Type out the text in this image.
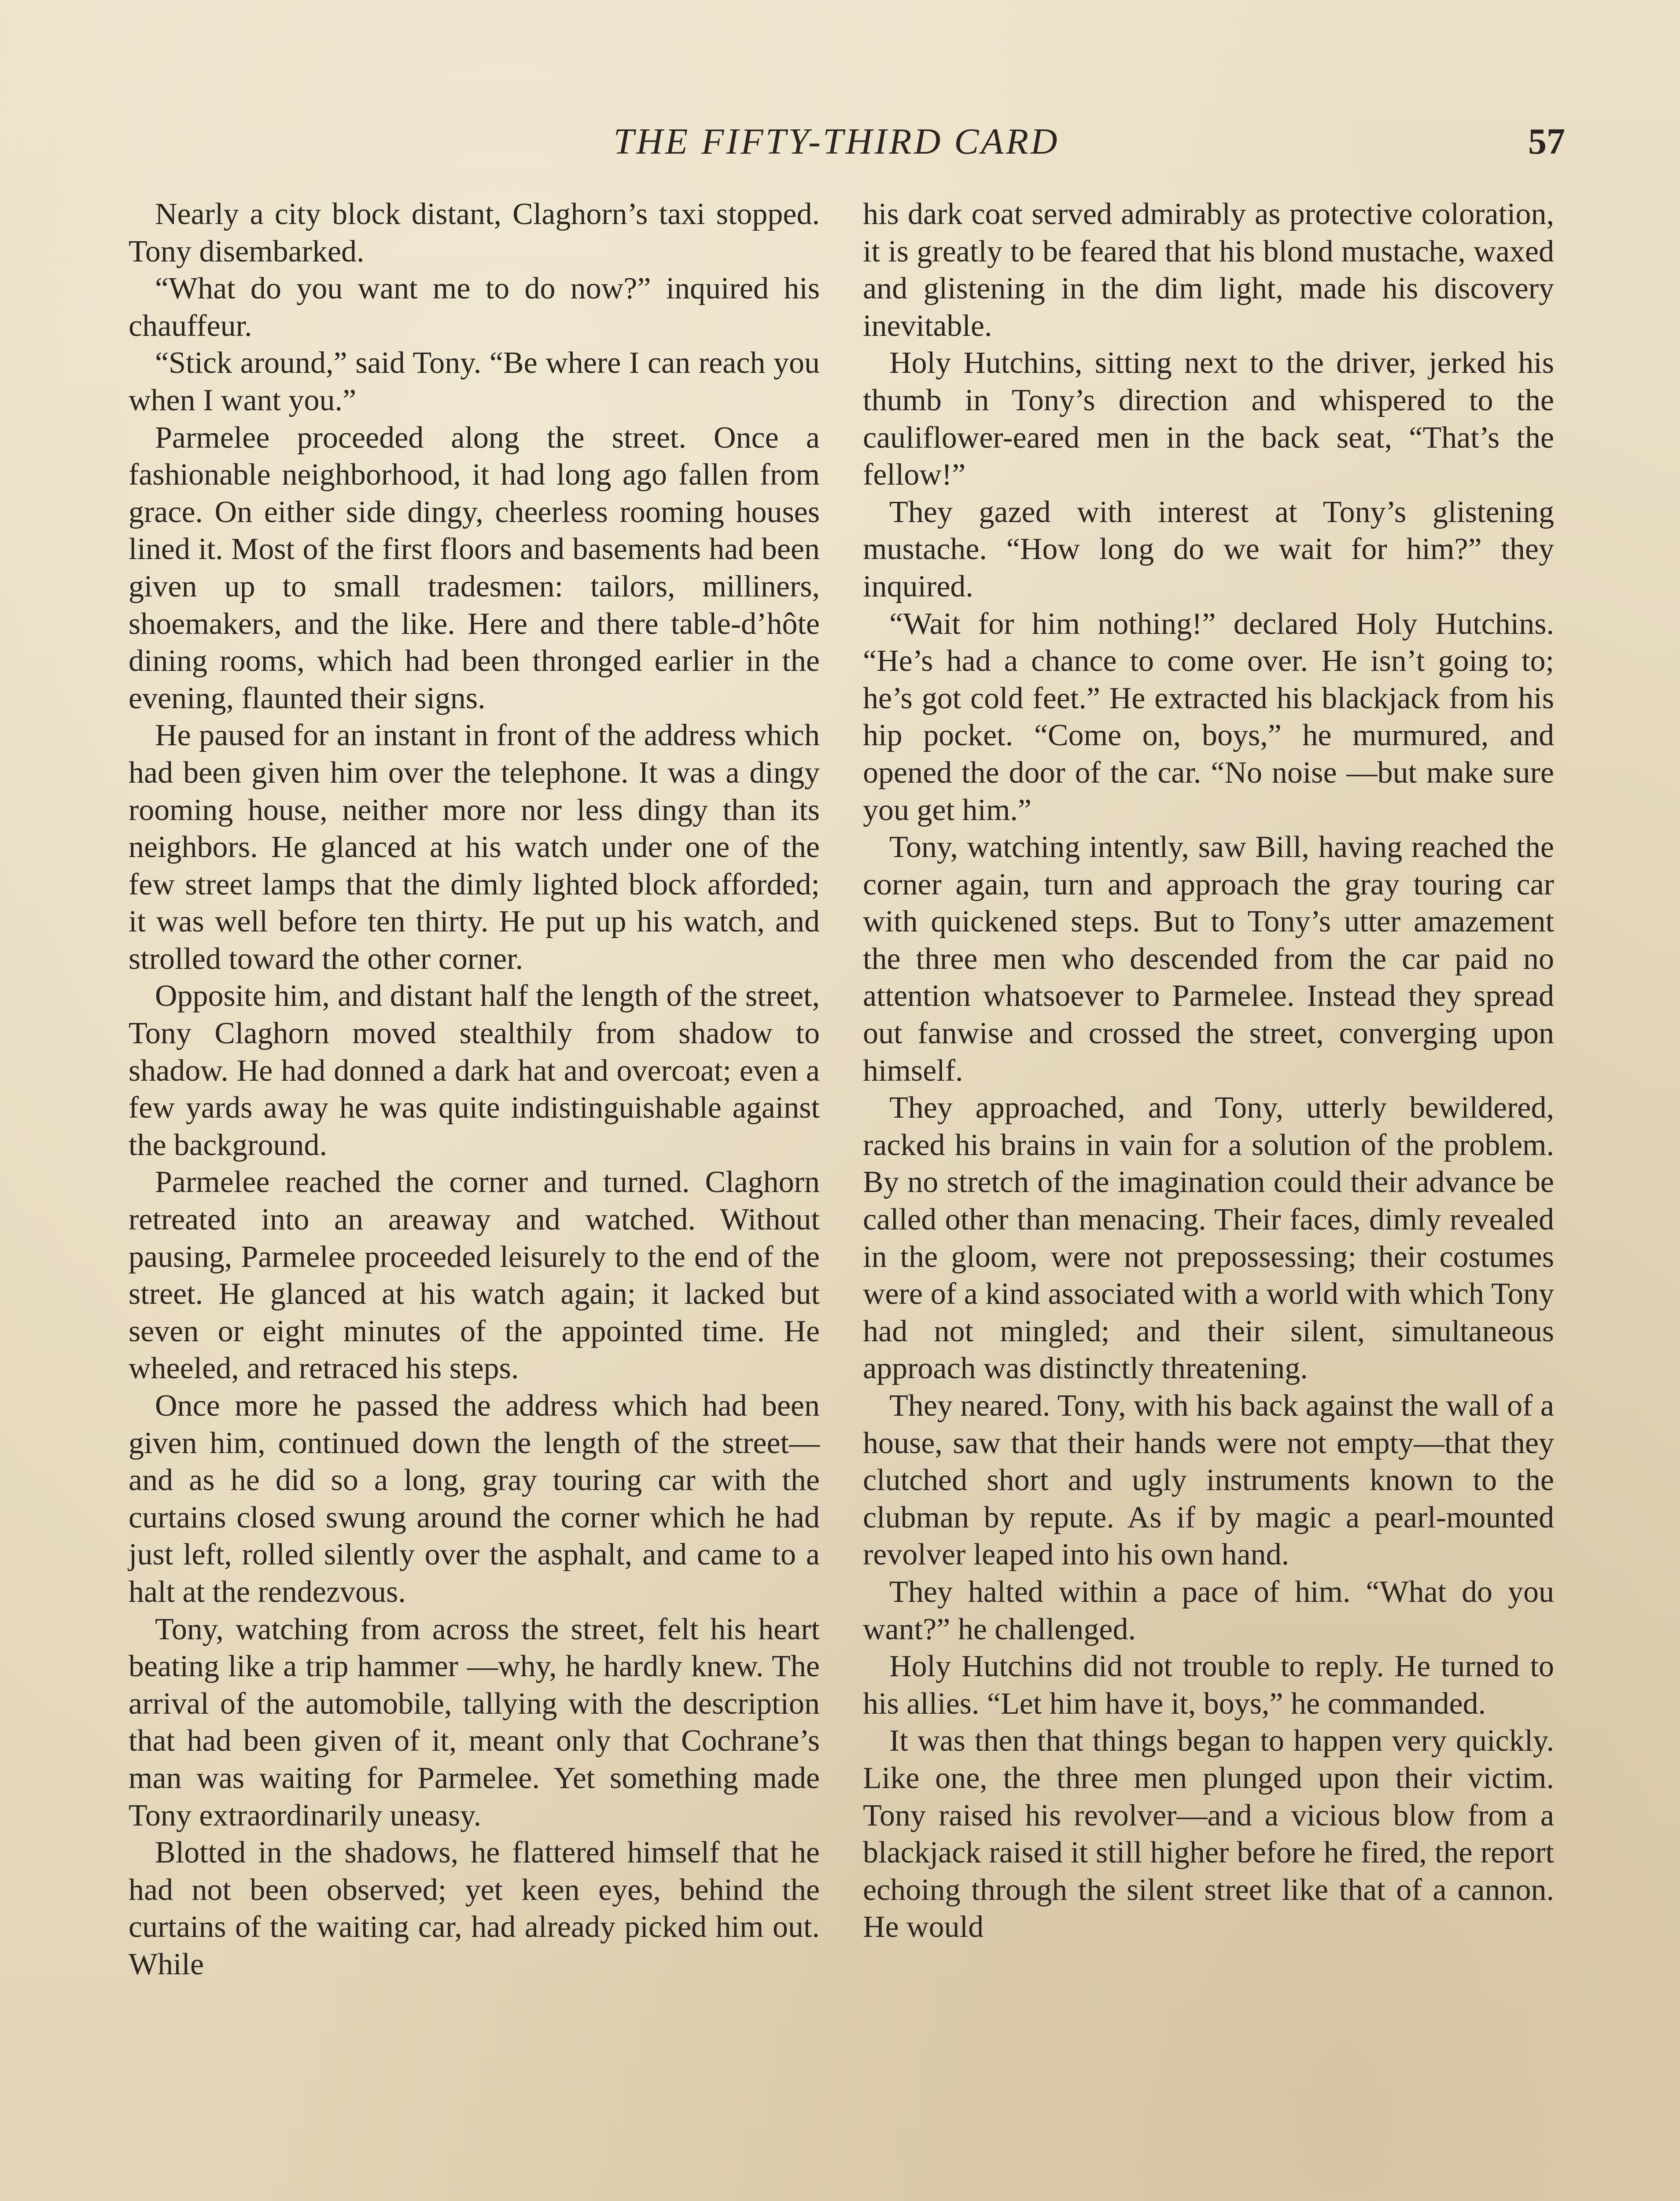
THE FIFTY-THIRD CARD	57

Nearly a city block distant, Claghorn’s taxi stopped. Tony disembarked.

“What do you want me to do now?” inquired his chauffeur.

“Stick around,” said Tony. “Be where I can reach you when I want you.”

Parmelee proceeded along the street. Once a fashionable neighborhood, it had long ago fallen from grace. On either side dingy, cheerless rooming houses lined it. Most of the first floors and basements had been given up to small tradesmen: tailors, milliners, shoemakers, and the like. Here and there table-d’hôte dining rooms, which had been thronged earlier in the evening, flaunted their signs.

He paused for an instant in front of the address which had been given him over the telephone. It was a dingy rooming house, neither more nor less dingy than its neighbors. He glanced at his watch under one of the few street lamps that the dimly lighted block afforded; it was well before ten thirty. He put up his watch, and strolled toward the other corner.

Opposite him, and distant half the length of the street, Tony Claghorn moved stealthily from shadow to shadow. He had donned a dark hat and overcoat; even a few yards away he was quite indistinguishable against the background.

Parmelee reached the corner and turned. Claghorn retreated into an areaway and watched. Without pausing, Parmelee proceeded leisurely to the end of the street. He glanced at his watch again; it lacked but seven or eight minutes of the appointed time. He wheeled, and retraced his steps.

Once more he passed the address which had been given him, continued down the length of the street—and as he did so a long, gray touring car with the curtains closed swung around the corner which he had just left, rolled silently over the asphalt, and came to a halt at the rendezvous.

Tony, watching from across the street, felt his heart beating like a trip hammer —why, he hardly knew. The arrival of the automobile, tallying with the description that had been given of it, meant only that Cochrane’s man was waiting for Parmelee. Yet something made Tony extraordinarily uneasy.

Blotted in the shadows, he flattered himself that he had not been observed; yet keen eyes, behind the curtains of the waiting car, had already picked him out. While

his dark coat served admirably as protective coloration, it is greatly to be feared that his blond mustache, waxed and glistening in the dim light, made his discovery inevitable.

Holy Hutchins, sitting next to the driver, jerked his thumb in Tony’s direction and whispered to the cauliflower-eared men in the back seat, “That’s the fellow!”

They gazed with interest at Tony’s glistening mustache. “How long do we wait for him?” they inquired.

“Wait for him nothing!” declared Holy Hutchins. “He’s had a chance to come over. He isn’t going to; he’s got cold feet.” He extracted his blackjack from his hip pocket. “Come on, boys,” he murmured, and opened the door of the car. “No noise —but make sure you get him.”

Tony, watching intently, saw Bill, having reached the corner again, turn and approach the gray touring car with quickened steps. But to Tony’s utter amazement the three men who descended from the car paid no attention whatsoever to Parmelee. Instead they spread out fanwise and crossed the street, converging upon himself.

They approached, and Tony, utterly bewildered, racked his brains in vain for a solution of the problem. By no stretch of the imagination could their advance be called other than menacing. Their faces, dimly revealed in the gloom, were not prepossessing; their costumes were of a kind associated with a world with which Tony had not mingled; and their silent, simultaneous approach was distinctly threatening.

They neared. Tony, with his back against the wall of a house, saw that their hands were not empty—that they clutched short and ugly instruments known to the clubman by repute. As if by magic a pearl-mounted revolver leaped into his own hand.

They halted within a pace of him. “What do you want?” he challenged.

Holy Hutchins did not trouble to reply. He turned to his allies. “Let him have it, boys,” he commanded.

It was then that things began to happen very quickly. Like one, the three men plunged upon their victim. Tony raised his revolver—and a vicious blow from a blackjack raised it still higher before he fired, the report echoing through the silent street like that of a cannon. He would
